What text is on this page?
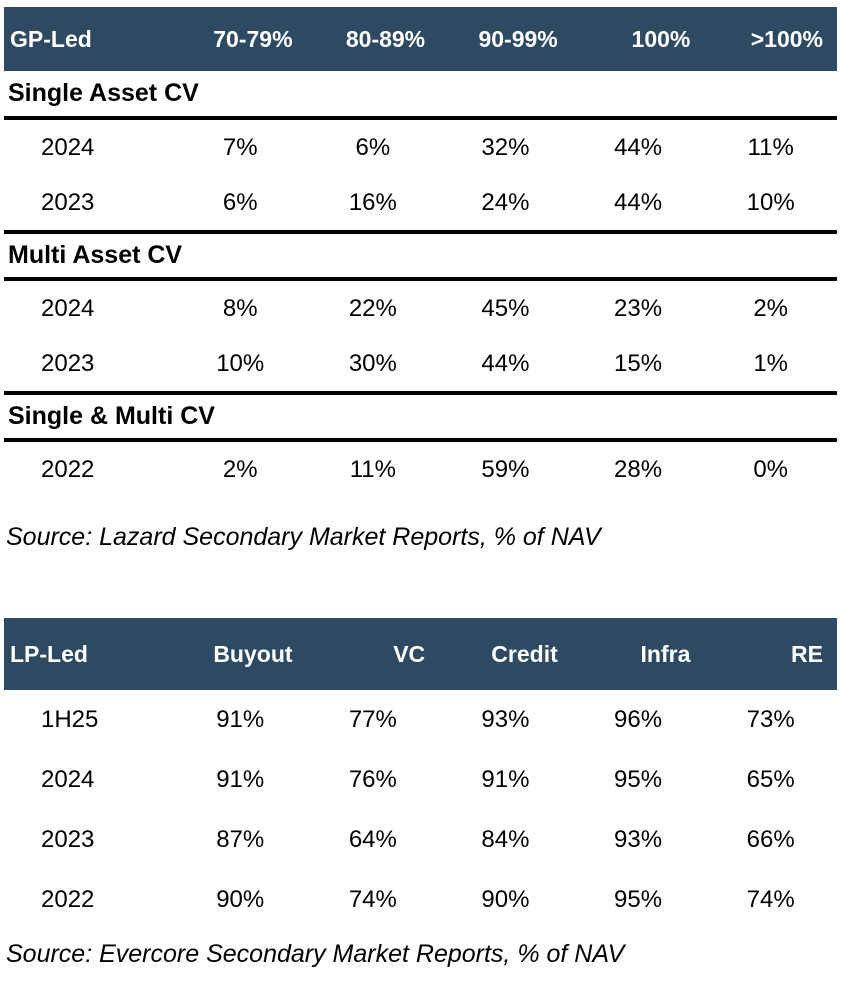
GP-Led	70-79%	80-89%	90-99%	100%	>100%
Single Asset CV					
2024	7%	6%	32%	44%	11%
2023	6%	16%	24%	44%	10%
Multi Asset CV					
2024	8%	22%	45%	23%	2%
2023	10%	30%	44%	15%	1%
Single & Multi CV					
2022	2%	11%	59%	28%	0%
Source: Lazard Secondary Market Reports, % of NAV
LP-Led	Buyout	VC	Credit	Infra	RE
1H25	91%	77%	93%	96%	73%
2024	91%	76%	91%	95%	65%
2023	87%	64%	84%	93%	66%
2022	90%	74%	90%	95%	74%
Source: Evercore Secondary Market Reports, % of NAV
